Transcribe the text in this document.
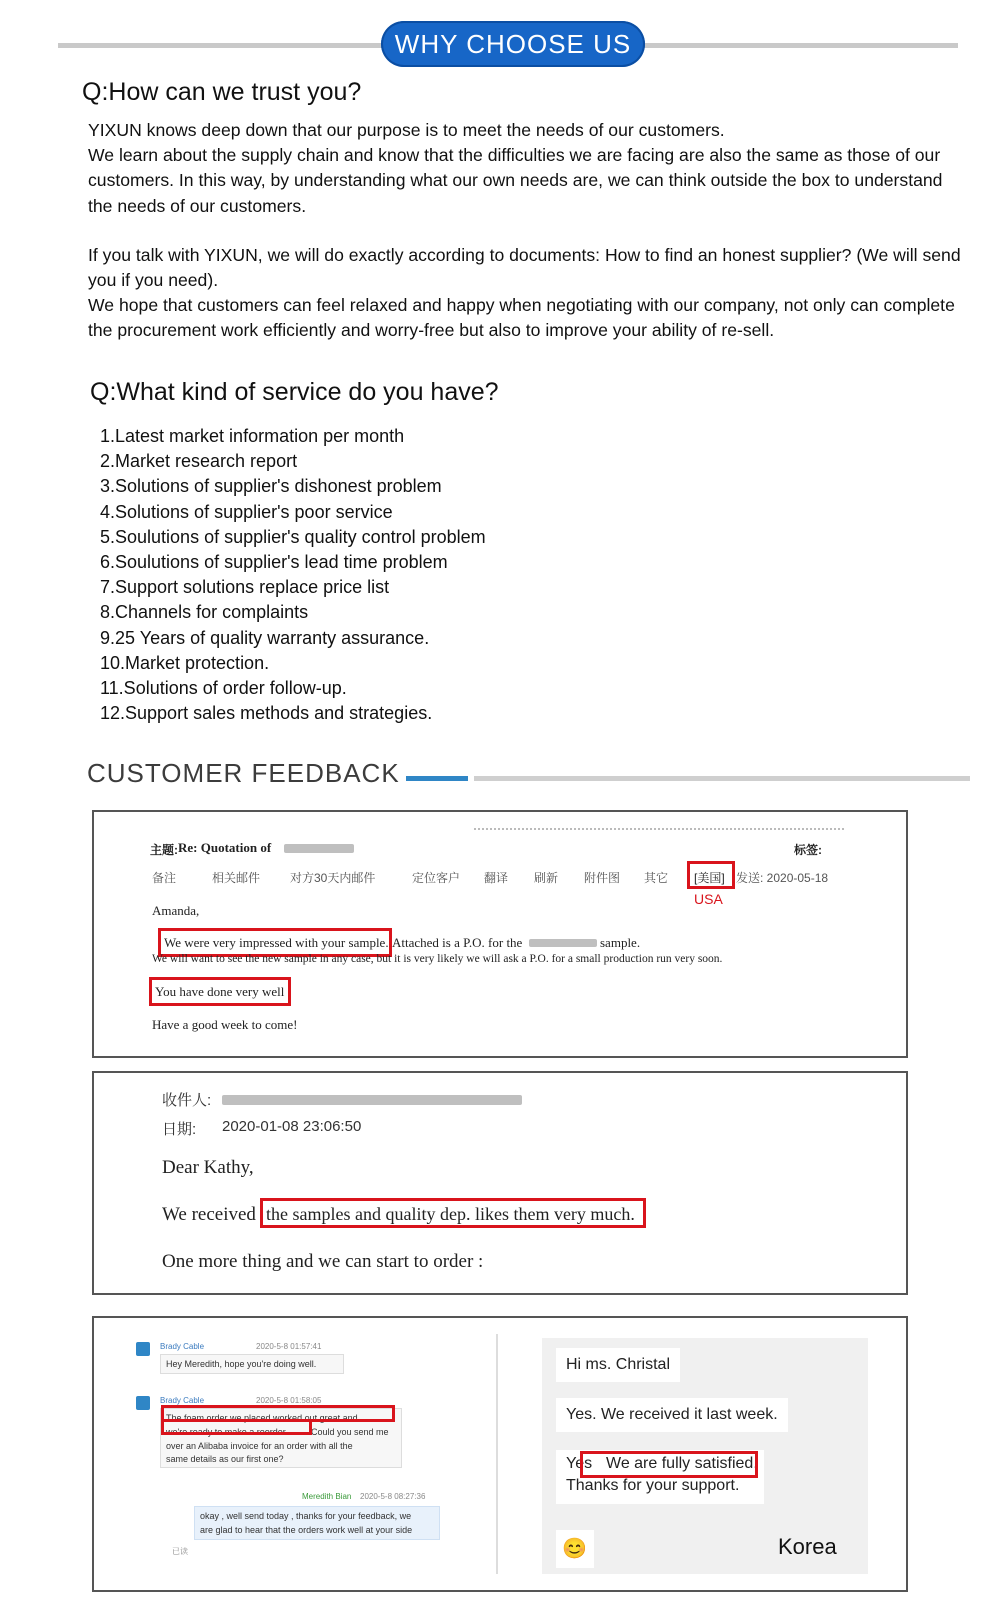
WHY CHOOSE US
Q:How can we trust you?
YIXUN knows deep down that our purpose is to meet the needs of our customers.
We learn about the supply chain and know that the difficulties we are facing are also the same as those of our customers. In this way, by understanding what our own needs are, we can think outside the box to understand the needs of our customers.
If you talk with YIXUN, we will do exactly according to documents: How to find an honest supplier? (We will send you if you need).
We hope that customers can feel relaxed and happy when negotiating with our company, not only can complete the procurement work efficiently and worry-free but also to improve your ability of re-sell.
Q:What kind of service do you have?
1.Latest market information per month
2.Market research report
3.Solutions of supplier's dishonest problem
4.Solutions of supplier's poor service
5.Soulutions of supplier's quality control problem
6.Soulutions of supplier's lead time problem
7.Support solutions replace price list
8.Channels for complaints
9.25 Years of quality warranty assurance.
10.Market protection.
11.Solutions of order follow-up.
12.Support sales methods and strategies.
CUSTOMER FEEDBACK
主题: Re: Quotation of	标签:
备注	相关邮件 对方30天内邮件	定位客户 翻译 刷新 附件图 其它 [美国] 发送: 2020-05-18
USA
Amanda,
We were very impressed with your sample. Attached is a P.O. for the	sample.
We will want to see the new sample in any case, but it is very likely we will ask a P.O. for a small production run very soon.
You have done very well
Have a good week to come!
收件人:
日期: 2020-01-08 23:06:50
Dear Kathy,
We received the samples and quality dep. likes them very much.
One more thing and we can start to order :
Brady Cable	2020-5-8 01:57:41
Hey Meredith, hope you're doing well.
Brady Cable	2020-5-8 01:58:05
The foam order we placed worked out great and
we're ready to make a reorder.	Could you send me
over an Alibaba invoice for an order with all the
same details as our first one?
Meredith Bian 2020-5-8 08:27:36
okay , well send today , thanks for your feedback, we
are glad to hear that the orders work well at your side
已读
Hi ms. Christal
Yes. We received it last week.
Yes We are fully satisfied.
Thanks for your support.
😊	Korea
